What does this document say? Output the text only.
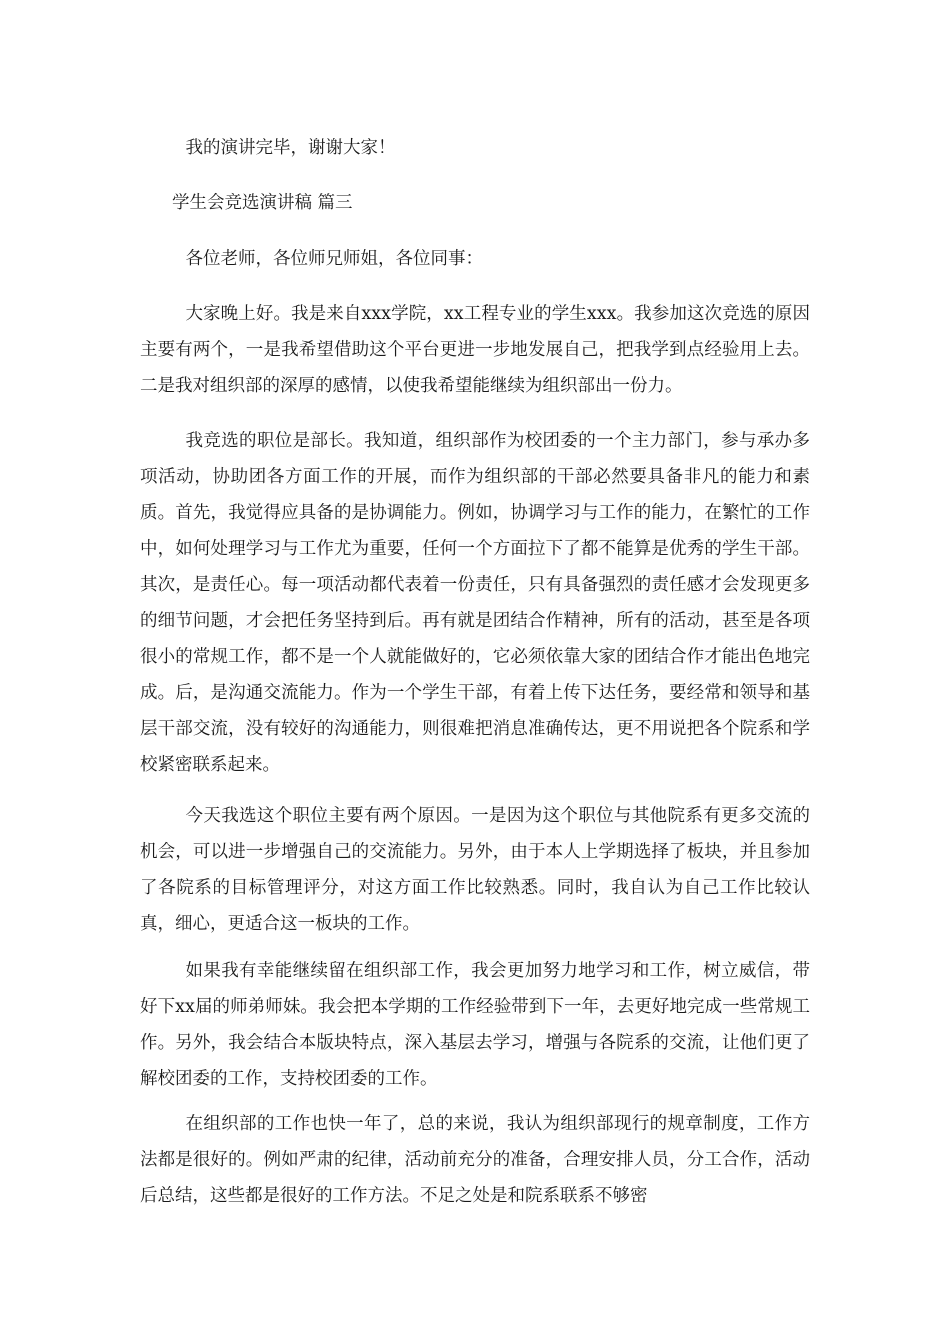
我的演讲完毕，谢谢大家！

学生会竞选演讲稿 篇三

各位老师，各位师兄师姐，各位同事：

大家晚上好。我是来自xxx学院，xx工程专业的学生xxx。我参加这次竞选的原因主要有两个，一是我希望借助这个平台更进一步地发展自己，把我学到点经验用上去。二是我对组织部的深厚的感情，以使我希望能继续为组织部出一份力。

我竞选的职位是部长。我知道，组织部作为校团委的一个主力部门，参与承办多项活动，协助团各方面工作的开展，而作为组织部的干部必然要具备非凡的能力和素质。首先，我觉得应具备的是协调能力。例如，协调学习与工作的能力，在繁忙的工作中，如何处理学习与工作尤为重要，任何一个方面拉下了都不能算是优秀的学生干部。其次，是责任心。每一项活动都代表着一份责任，只有具备强烈的责任感才会发现更多的细节问题，才会把任务坚持到后。再有就是团结合作精神，所有的活动，甚至是各项很小的常规工作，都不是一个人就能做好的，它必须依靠大家的团结合作才能出色地完成。后，是沟通交流能力。作为一个学生干部，有着上传下达任务，要经常和领导和基层干部交流，没有较好的沟通能力，则很难把消息准确传达，更不用说把各个院系和学校紧密联系起来。

今天我选这个职位主要有两个原因。一是因为这个职位与其他院系有更多交流的机会，可以进一步增强自己的交流能力。另外，由于本人上学期选择了板块，并且参加了各院系的目标管理评分，对这方面工作比较熟悉。同时，我自认为自己工作比较认真，细心，更适合这一板块的工作。

如果我有幸能继续留在组织部工作，我会更加努力地学习和工作，树立威信，带好下xx届的师弟师妹。我会把本学期的工作经验带到下一年，去更好地完成一些常规工作。另外，我会结合本版块特点，深入基层去学习，增强与各院系的交流，让他们更了解校团委的工作，支持校团委的工作。

在组织部的工作也快一年了，总的来说，我认为组织部现行的规章制度，工作方法都是很好的。例如严肃的纪律，活动前充分的准备，合理安排人员，分工合作，活动后总结，这些都是很好的工作方法。不足之处是和院系联系不够密
